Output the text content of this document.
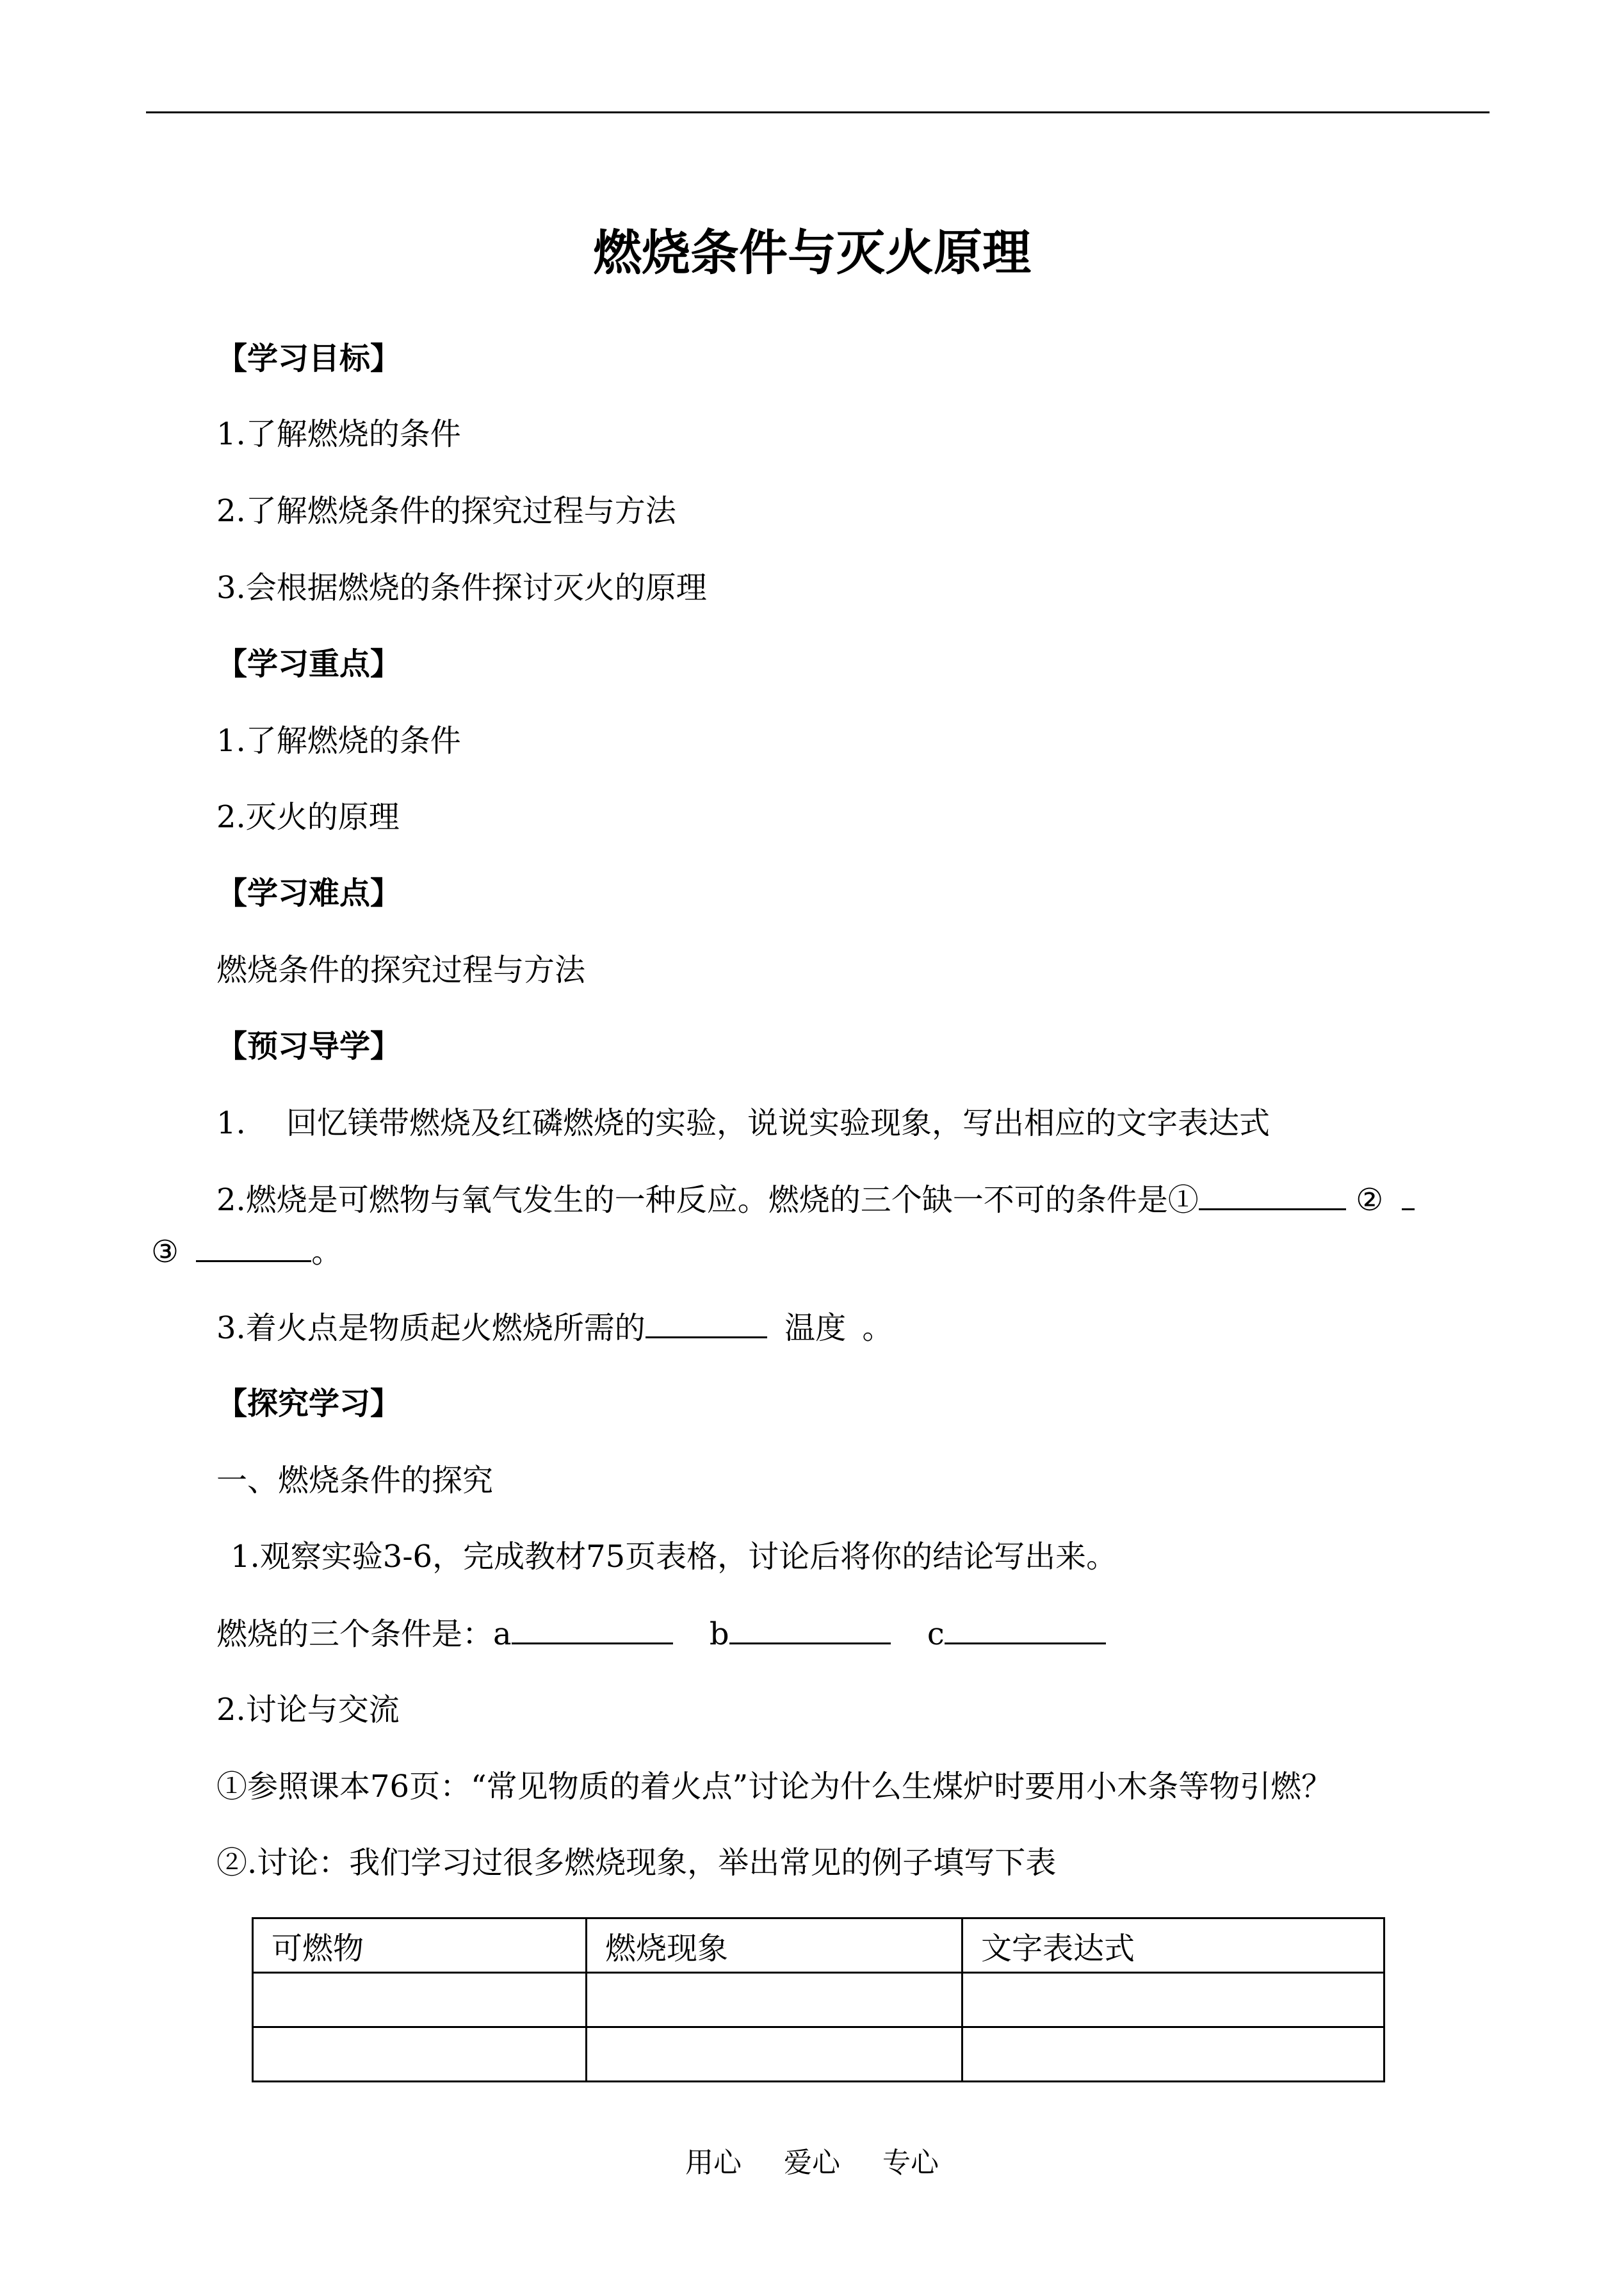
燃烧条件与灭火原理
【学习目标】
1.了解燃烧的条件
2.了解燃烧条件的探究过程与方法
3.会根据燃烧的条件探讨灭火的原理
【学习重点】
1.了解燃烧的条件
2.灭火的原理
【学习难点】
燃烧条件的探究过程与方法
【预习导学】
1.　 回忆镁带燃烧及红磷燃烧的实验，说说实验现象，写出相应的文字表达式
2.燃烧是可燃物与氧气发生的一种反应。燃烧的三个缺一不可的条件是①	②
③	。
3.着火点是物质起火燃烧所需的	温度 。
【探究学习】
一、燃烧条件的探究
1.观察实验3-6，完成教材75页表格，讨论后将你的结论写出来。
燃烧的三个条件是：a	b	c
2.讨论与交流
①参照课本76页：“常见物质的着火点”讨论为什么生煤炉时要用小木条等物引燃？
②.讨论：我们学习过很多燃烧现象，举出常见的例子填写下表
可燃物	燃烧现象	文字表达式

用心 爱心 专心
